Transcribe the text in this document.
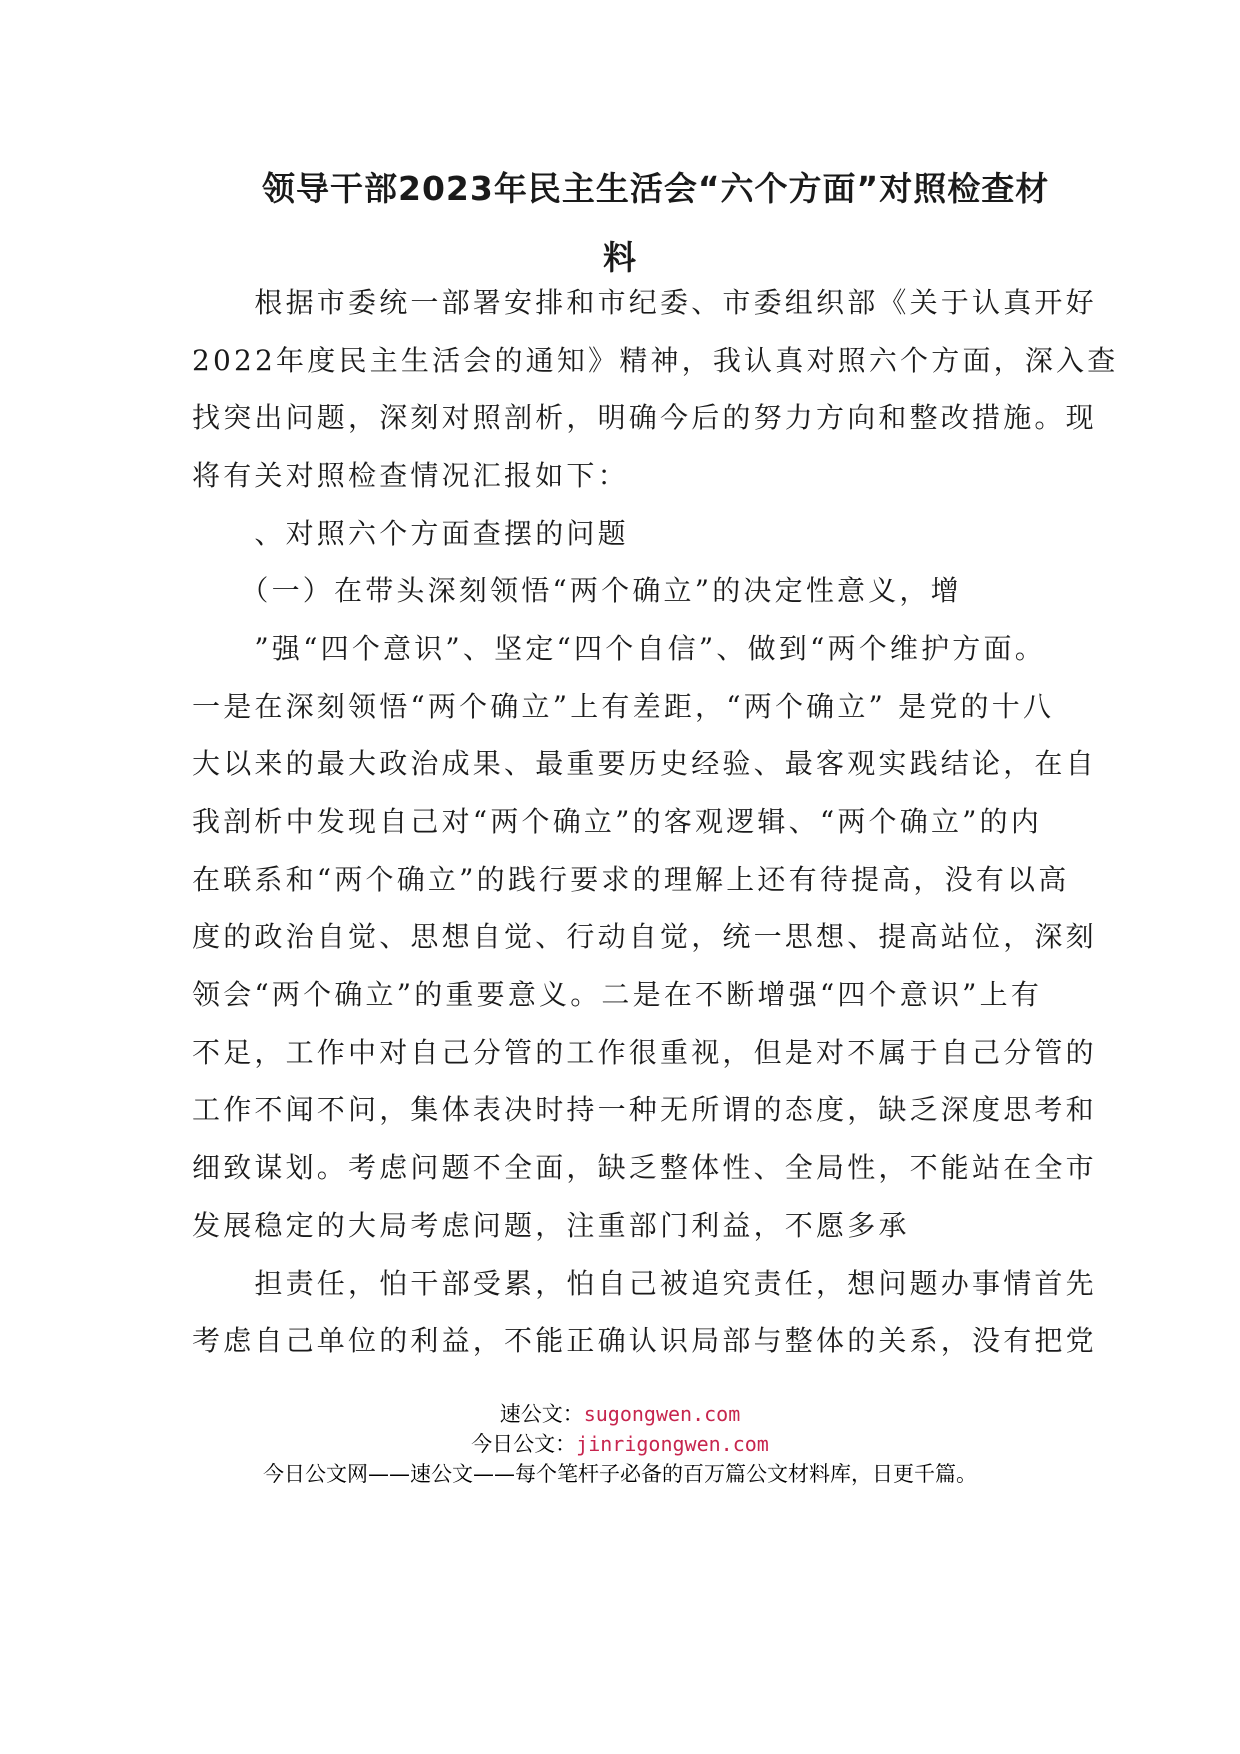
领导干部2023年民主生活会“六个方面”对照检查材
料
　　根据市委统一部署安排和市纪委、市委组织部《关于认真开好
2022年度民主生活会的通知》精神，我认真对照六个方面，深入查
找突出问题，深刻对照剖析，明确今后的努力方向和整改措施。现
将有关对照检查情况汇报如下：
　　、对照六个方面查摆的问题
　　（一）在带头深刻领悟“两个确立”的决定性意义，增
　　”强“四个意识”、坚定“四个自信”、做到“两个维护方面。
一是在深刻领悟“两个确立”上有差距，“两个确立” 是党的十八
大以来的最大政治成果、最重要历史经验、最客观实践结论，在自
我剖析中发现自己对“两个确立”的客观逻辑、“两个确立”的内
在联系和“两个确立”的践行要求的理解上还有待提高，没有以高
度的政治自觉、思想自觉、行动自觉，统一思想、提高站位，深刻
领会“两个确立”的重要意义。二是在不断增强“四个意识”上有
不足，工作中对自己分管的工作很重视，但是对不属于自己分管的
工作不闻不问，集体表决时持一种无所谓的态度，缺乏深度思考和
细致谋划。考虑问题不全面，缺乏整体性、全局性，不能站在全市
发展稳定的大局考虑问题，注重部门利益，不愿多承
　　担责任，怕干部受累，怕自己被追究责任，想问题办事情首先
考虑自己单位的利益，不能正确认识局部与整体的关系，没有把党
速公文：sugongwen.com
今日公文：jinrigongwen.com
今日公文网——速公文——每个笔杆子必备的百万篇公文材料库，日更千篇。
